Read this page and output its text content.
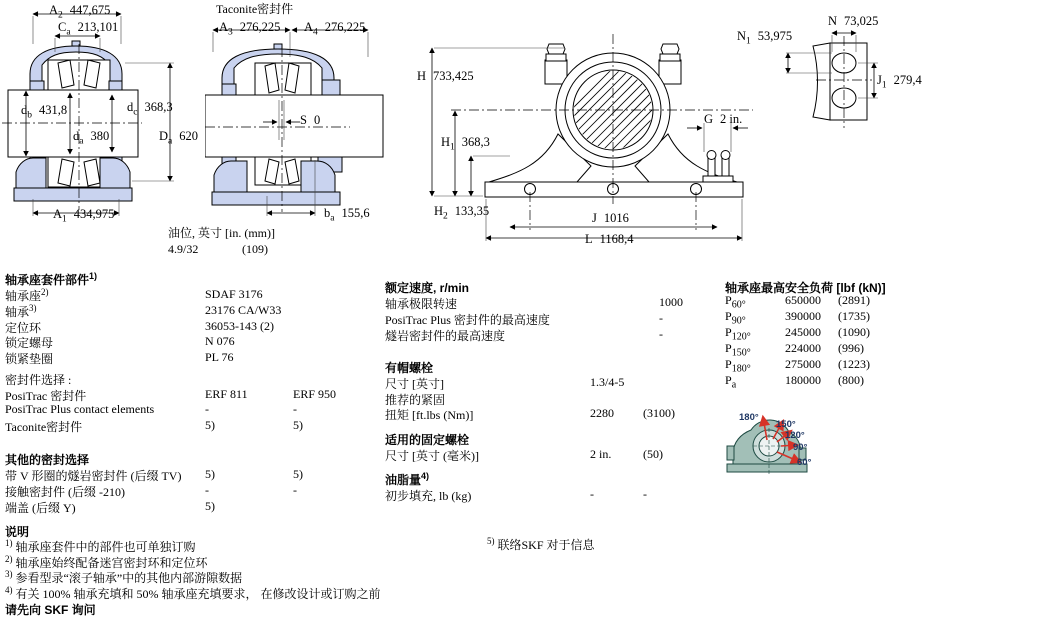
$A_2$ 447,675
$C_a$ 213,101
$d_b$ 431,8	$d_c$ 368,3
$d_a$ 380	$D_a$ 620
$A_1$ 434,975
Taconite密封件
$A_3$ 276,225 $A_4$ 276,225
S 0
$b_a$ 155,6
油位, 英寸 [in. (mm)]
4.9/32	(109)
H 733,425
$H_1$ 368,3
$H_2$ 133,35	J 1016
L 1168,4
G 2 in.
N 73,025
$N_1$ 53,975
$J_1$ 279,4
轴承座套件部件$^{1)}$
轴承座$^{2)}$	SDAF 3176
轴承$^{3)}$	23176 CA/W33
定位环	36053-143 (2)
锁定螺母	N 076
锁紧垫圈	PL 76
密封件选择 :
PosiTrac 密封件	ERF 811	ERF 950
PosiTrac Plus contact elements	-	-
Taconite密封件	5)	5)
其他的密封选择
带 V 形圈的燧岩密封件 (后缀 TV) 5)	5)
接触密封件 (后缀 -210)	-	-
端盖 (后缀 Y)	5)
说明
$^{1)}$ 轴承座套件中的部件也可单独订购
$^{2)}$ 轴承座始终配备迷宫密封环和定位环
$^{3)}$ 参看型录“滚子轴承”中的其他内部游隙数据
$^{4)}$ 有关 100% 轴承充填和 50% 轴承座充填要求， 在修改设计或订购之前
请先向 SKF 询问
额定速度, r/min
轴承极限转速	1000
PosiTrac Plus 密封件的最高速度	-
燧岩密封件的最高速度	-
有帽螺栓
尺寸 [英寸]	1.3/4-5
推荐的紧固
扭矩 [ft.lbs (Nm)]	2280 (3100)
适用的固定螺栓
尺寸 [英寸 (毫米)]	2 in.	(50)
油脂量$^{4)}$
初步填充, lb (kg)	-	-
$^{5)}$ 联络SKF 对于信息
轴承座最高安全负荷 [lbf (kN)]
$P_{60^\circ}$	650000 (2891)
$P_{90^\circ}$	390000 (1735)
$P_{120^\circ}$	245000 (1090)
$P_{150^\circ}$	224000 (996)
$P_{180^\circ}$	275000 (1223)
$P_a$	180000 (800)
180°
150°
120°
90°
60°
